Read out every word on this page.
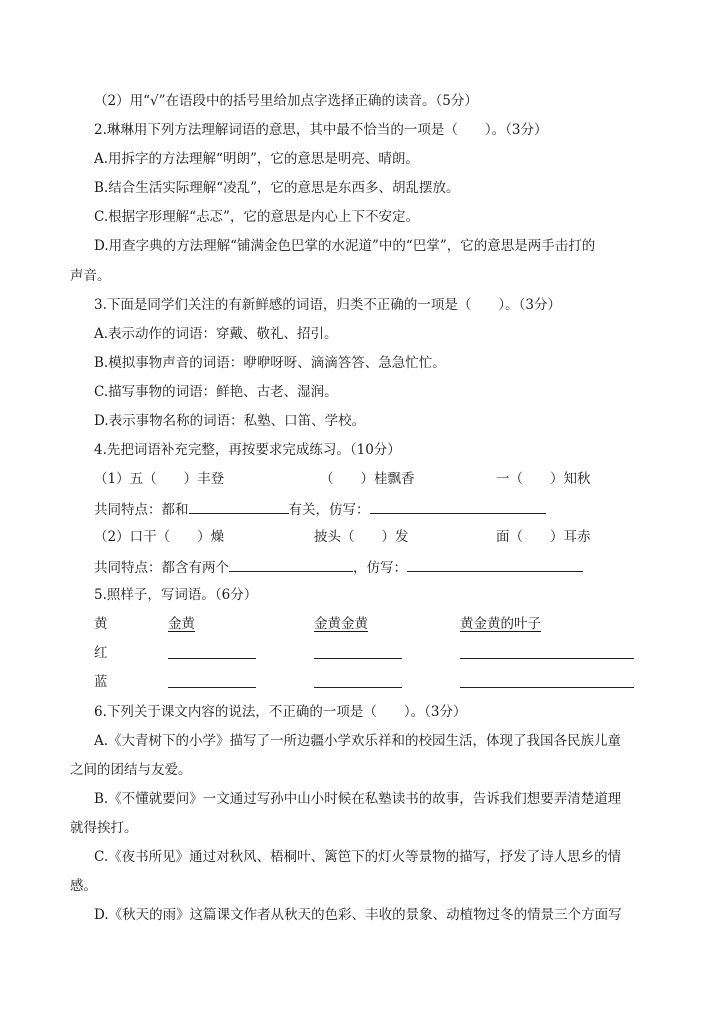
（2）用“√”在语段中的括号里给加点字选择正确的读音。（5分）
2.琳琳用下列方法理解词语的意思，其中最不恰当的一项是（　　）。（3分）
A.用拆字的方法理解“明朗”，它的意思是明亮、晴朗。
B.结合生活实际理解“凌乱”，它的意思是东西多、胡乱摆放。
C.根据字形理解“忐忑”，它的意思是内心上下不安定。
D.用查字典的方法理解“铺满金色巴掌的水泥道”中的“巴掌”，它的意思是两手击打的
声音。
3.下面是同学们关注的有新鲜感的词语，归类不正确的一项是（　　）。（3分）
A.表示动作的词语：穿戴、敬礼、招引。
B.模拟事物声音的词语：咿咿呀呀、滴滴答答、急急忙忙。
C.描写事物的词语：鲜艳、古老、湿润。
D.表示事物名称的词语：私塾、口笛、学校。
4.先把词语补充完整，再按要求完成练习。（10分）
（1）五（　　）丰登	（　　）桂飘香	一（　　）知秋
共同特点：都和	有关，仿写：
（2）口干（　　）燥	披头（　　）发	面（　　）耳赤
共同特点：都含有两个	，仿写：
5.照样子，写词语。（6分）
黄	金黄	金黄金黄	黄金黄的叶子
红
蓝
6.下列关于课文内容的说法，不正确的一项是（　　）。（3分）
A.《大青树下的小学》描写了一所边疆小学欢乐祥和的校园生活，体现了我国各民族儿童
之间的团结与友爱。
B.《不懂就要问》一文通过写孙中山小时候在私塾读书的故事，告诉我们想要弄清楚道理
就得挨打。
C.《夜书所见》通过对秋风、梧桐叶、篱笆下的灯火等景物的描写，抒发了诗人思乡的情
感。
D.《秋天的雨》这篇课文作者从秋天的色彩、丰收的景象、动植物过冬的情景三个方面写
